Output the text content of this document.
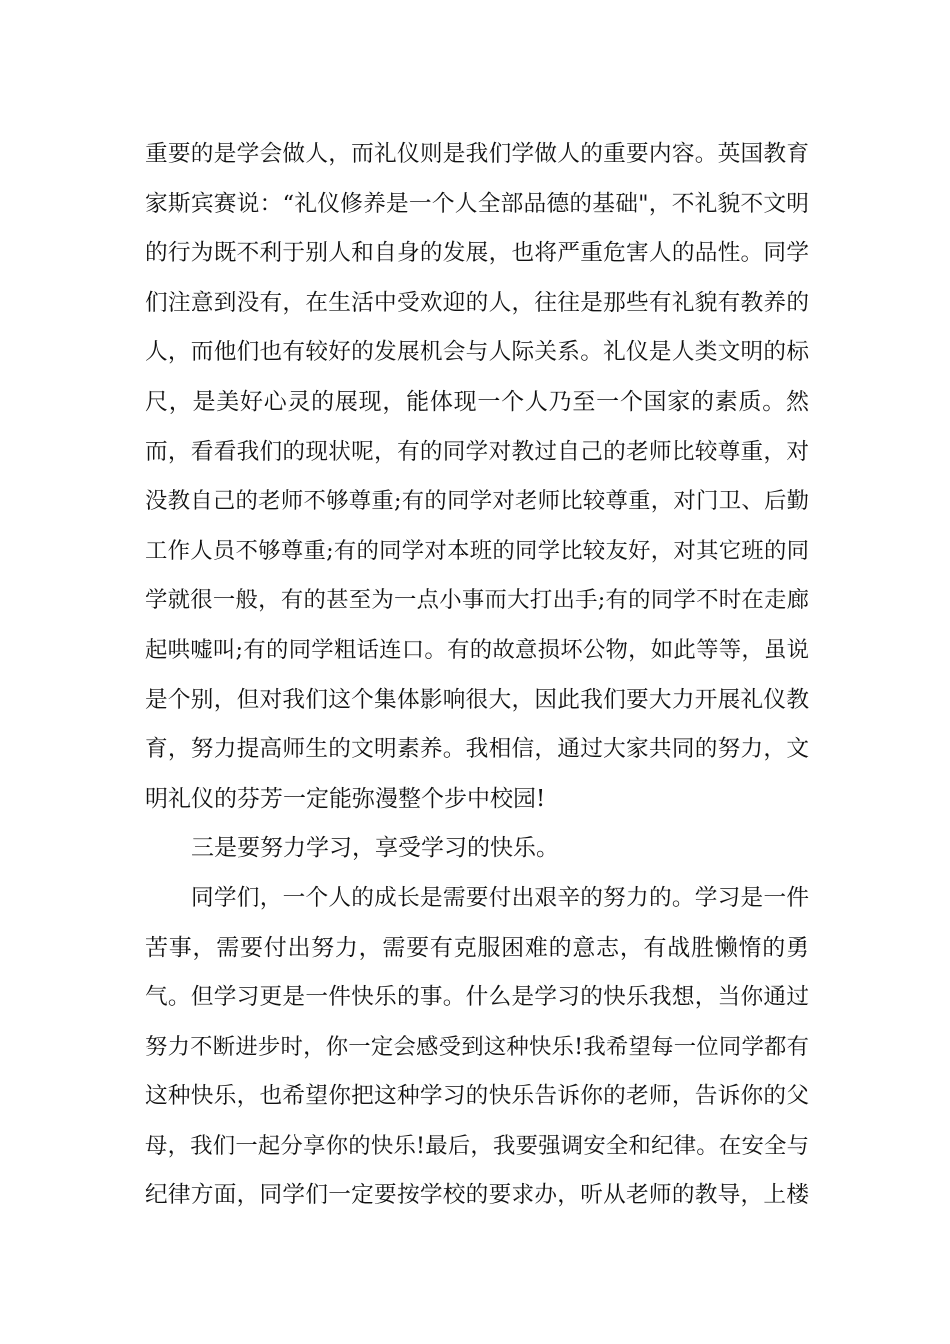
重要的是学会做人，而礼仪则是我们学做人的重要内容。英国教育
家斯宾赛说：“礼仪修养是一个人全部品德的基础"，不礼貌不文明
的行为既不利于别人和自身的发展，也将严重危害人的品性。同学
们注意到没有，在生活中受欢迎的人，往往是那些有礼貌有教养的
人，而他们也有较好的发展机会与人际关系。礼仪是人类文明的标
尺，是美好心灵的展现，能体现一个人乃至一个国家的素质。然
而，看看我们的现状呢，有的同学对教过自己的老师比较尊重，对
没教自己的老师不够尊重;有的同学对老师比较尊重，对门卫、后勤
工作人员不够尊重;有的同学对本班的同学比较友好，对其它班的同
学就很一般，有的甚至为一点小事而大打出手;有的同学不时在走廊
起哄嘘叫;有的同学粗话连口。有的故意损坏公物，如此等等，虽说
是个别，但对我们这个集体影响很大，因此我们要大力开展礼仪教
育，努力提高师生的文明素养。我相信，通过大家共同的努力，文
明礼仪的芬芳一定能弥漫整个步中校园!
三是要努力学习，享受学习的快乐。
同学们，一个人的成长是需要付出艰辛的努力的。学习是一件
苦事，需要付出努力，需要有克服困难的意志，有战胜懒惰的勇
气。但学习更是一件快乐的事。什么是学习的快乐我想，当你通过
努力不断进步时，你一定会感受到这种快乐!我希望每一位同学都有
这种快乐，也希望你把这种学习的快乐告诉你的老师，告诉你的父
母，我们一起分享你的快乐!最后，我要强调安全和纪律。在安全与
纪律方面，同学们一定要按学校的要求办，听从老师的教导，上楼
